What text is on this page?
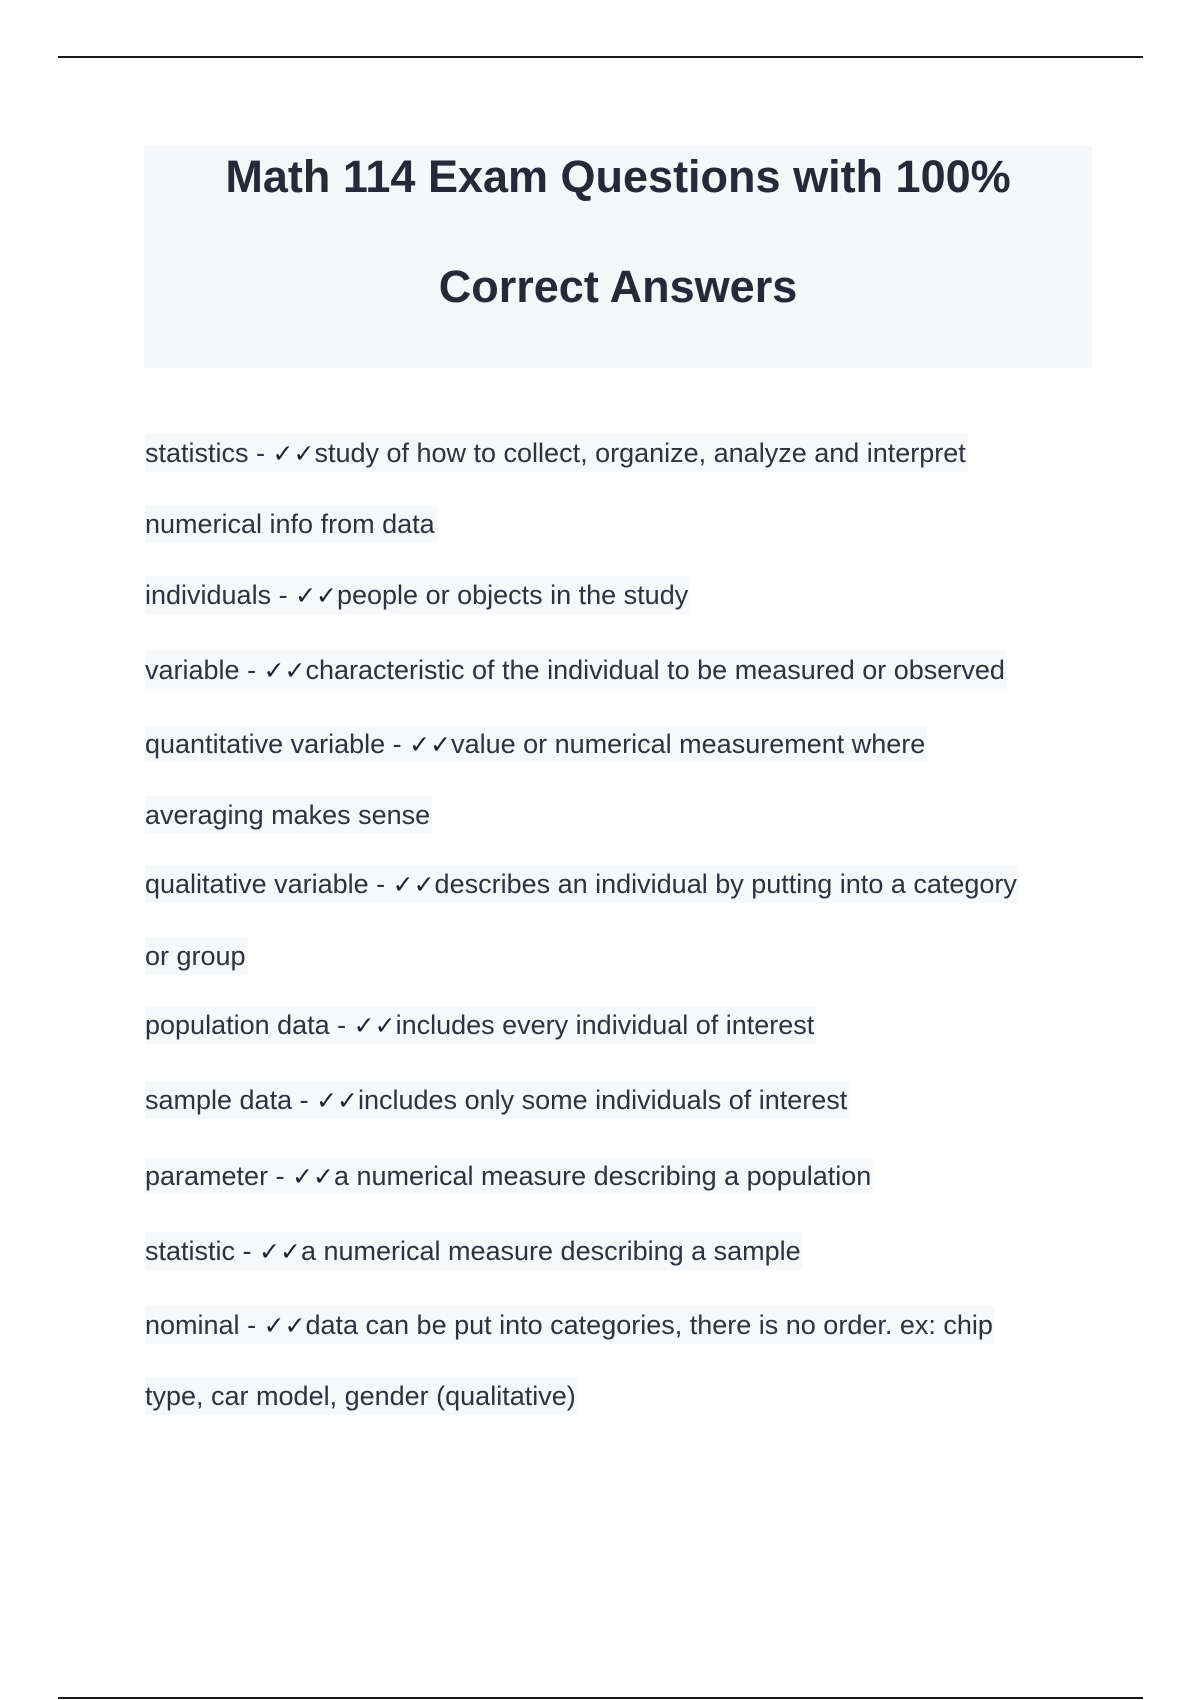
Math 114 Exam Questions with 100%
Correct Answers
statistics - ✓✓study of how to collect, organize, analyze and interpret
numerical info from data
individuals - ✓✓people or objects in the study
variable - ✓✓characteristic of the individual to be measured or observed
quantitative variable - ✓✓value or numerical measurement where
averaging makes sense
qualitative variable - ✓✓describes an individual by putting into a category
or group
population data - ✓✓includes every individual of interest
sample data - ✓✓includes only some individuals of interest
parameter - ✓✓a numerical measure describing a population
statistic - ✓✓a numerical measure describing a sample
nominal - ✓✓data can be put into categories, there is no order. ex: chip
type, car model, gender (qualitative)
